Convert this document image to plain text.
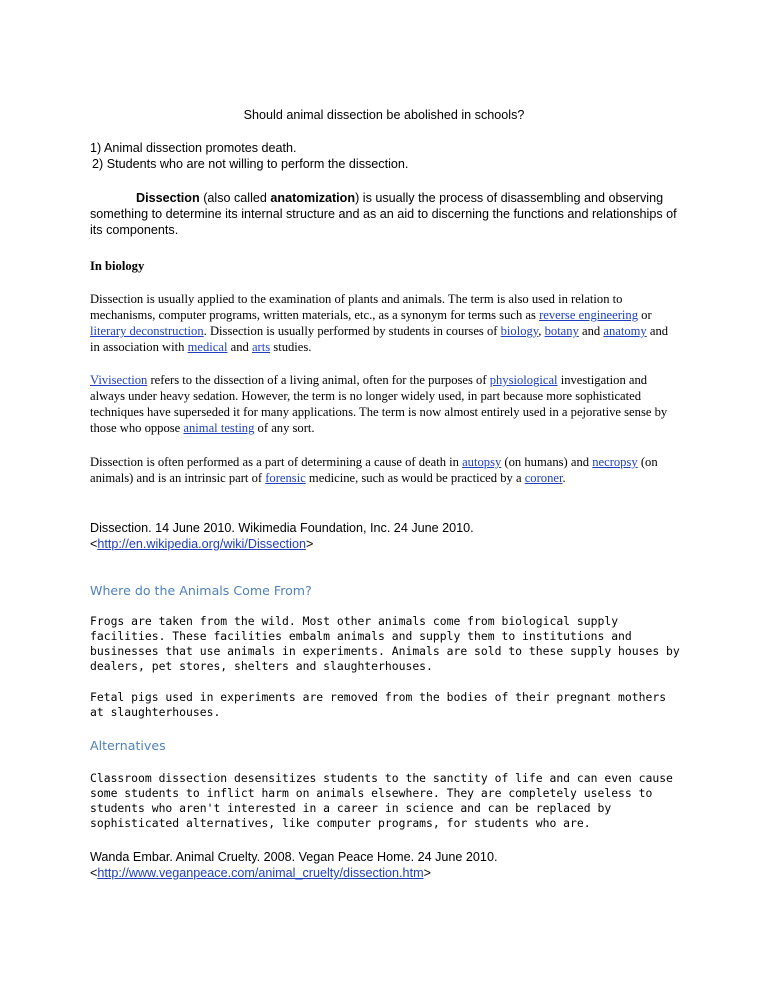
Should animal dissection be abolished in schools?

1) Animal dissection promotes death.

2) Students who are not willing to perform the dissection.

Dissection (also called anatomization) is usually the process of disassembling and observing something to determine its internal structure and as an aid to discerning the functions and relationships of its components.

In biology

Dissection is usually applied to the examination of plants and animals. The term is also used in relation to mechanisms, computer programs, written materials, etc., as a synonym for terms such as reverse engineering or literary deconstruction. Dissection is usually performed by students in courses of biology, botany and anatomy and in association with medical and arts studies.

Vivisection refers to the dissection of a living animal, often for the purposes of physiological investigation and always under heavy sedation. However, the term is no longer widely used, in part because more sophisticated techniques have superseded it for many applications. The term is now almost entirely used in a pejorative sense by those who oppose animal testing of any sort.

Dissection is often performed as a part of determining a cause of death in autopsy (on humans) and necropsy (on animals) and is an intrinsic part of forensic medicine, such as would be practiced by a coroner.

Dissection. 14 June 2010. Wikimedia Foundation, Inc. 24 June 2010.
<http://en.wikipedia.org/wiki/Dissection>

Where do the Animals Come From?

Frogs are taken from the wild. Most other animals come from biological supply facilities. These facilities embalm animals and supply them to institutions and businesses that use animals in experiments. Animals are sold to these supply houses by dealers, pet stores, shelters and slaughterhouses.

Fetal pigs used in experiments are removed from the bodies of their pregnant mothers at slaughterhouses.

Alternatives

Classroom dissection desensitizes students to the sanctity of life and can even cause some students to inflict harm on animals elsewhere. They are completely useless to students who aren't interested in a career in science and can be replaced by sophisticated alternatives, like computer programs, for students who are.

Wanda Embar. Animal Cruelty. 2008. Vegan Peace Home. 24 June 2010.
<http://www.veganpeace.com/animal_cruelty/dissection.htm>
